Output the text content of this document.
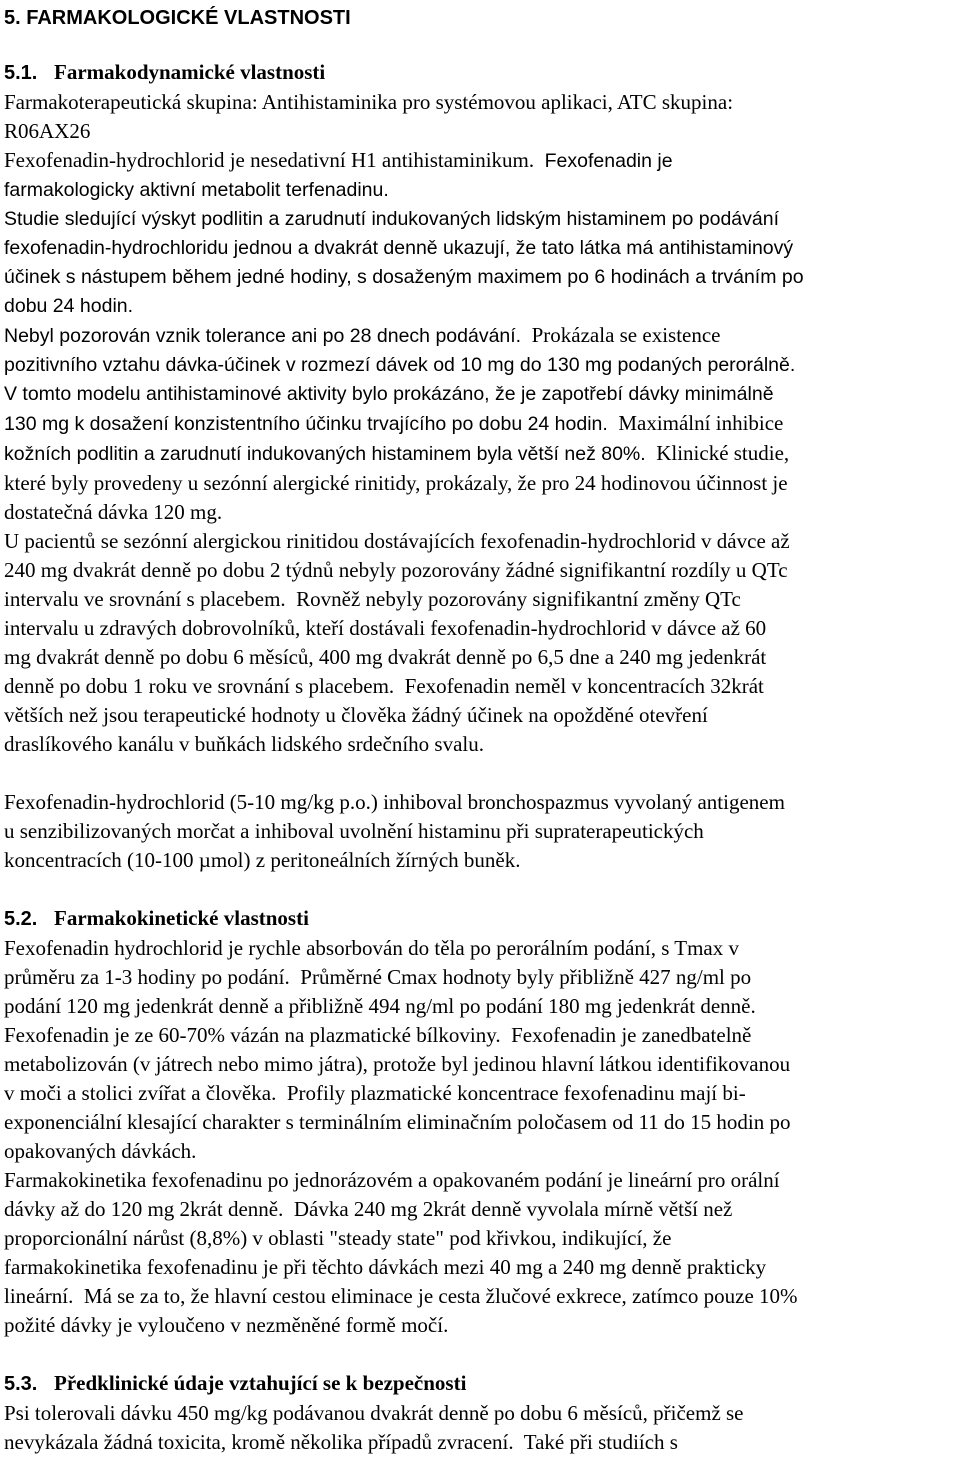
5. FARMAKOLOGICKÉ VLASTNOSTI
5.1. Farmakodynamické vlastnosti

Farmakoterapeutická skupina: Antihistaminika pro systémovou aplikaci, ATC skupina:
R06AX26
Fexofenadin-hydrochlorid je nesedativní H1 antihistaminikum. Fexofenadin je
farmakologicky aktivní metabolit terfenadinu.
Studie sledující výskyt podlitin a zarudnutí indukovaných lidským histaminem po podávání
fexofenadin-hydrochloridu jednou a dvakrát denně ukazují, že tato látka má antihistaminový
účinek s nástupem během jedné hodiny, s dosaženým maximem po 6 hodinách a trváním po
dobu 24 hodin.
Nebyl pozorován vznik tolerance ani po 28 dnech podávání. Prokázala se existence
pozitivního vztahu dávka-účinek v rozmezí dávek od 10 mg do 130 mg podaných perorálně.
V tomto modelu antihistaminové aktivity bylo prokázáno, že je zapotřebí dávky minimálně
130 mg k dosažení konzistentního účinku trvajícího po dobu 24 hodin. Maximální inhibice
kožních podlitin a zarudnutí indukovaných histaminem byla větší než 80%. Klinické studie,
které byly provedeny u sezónní alergické rinitidy, prokázaly, že pro 24 hodinovou účinnost je
dostatečná dávka 120 mg.
U pacientů se sezónní alergickou rinitidou dostávajících fexofenadin-hydrochlorid v dávce až
240 mg dvakrát denně po dobu 2 týdnů nebyly pozorovány žádné signifikantní rozdíly u QTc
intervalu ve srovnání s placebem. Rovněž nebyly pozorovány signifikantní změny QTc
intervalu u zdravých dobrovolníků, kteří dostávali fexofenadin-hydrochlorid v dávce až 60
mg dvakrát denně po dobu 6 měsíců, 400 mg dvakrát denně po 6,5 dne a 240 mg jedenkrát
denně po dobu 1 roku ve srovnání s placebem. Fexofenadin neměl v koncentracích 32krát
větších než jsou terapeutické hodnoty u člověka žádný účinek na opožděné otevření
draslíkového kanálu v buňkách lidského srdečního svalu.

Fexofenadin-hydrochlorid (5-10 mg/kg p.o.) inhiboval bronchospazmus vyvolaný antigenem
u senzibilizovaných morčat a inhiboval uvolnění histaminu při supraterapeutických
koncentracích (10-100 µmol) z peritoneálních žírných buněk.

5.2. Farmakokinetické vlastnosti

Fexofenadin hydrochlorid je rychle absorbován do těla po perorálním podání, s Tmax v
průměru za 1-3 hodiny po podání. Průměrné Cmax hodnoty byly přibližně 427 ng/ml po
podání 120 mg jedenkrát denně a přibližně 494 ng/ml po podání 180 mg jedenkrát denně.
Fexofenadin je ze 60-70% vázán na plazmatické bílkoviny. Fexofenadin je zanedbatelně
metabolizován (v játrech nebo mimo játra), protože byl jedinou hlavní látkou identifikovanou
v moči a stolici zvířat a člověka. Profily plazmatické koncentrace fexofenadinu mají bi-
exponenciální klesající charakter s terminálním eliminačním poločasem od 11 do 15 hodin po
opakovaných dávkách.
Farmakokinetika fexofenadinu po jednorázovém a opakovaném podání je lineární pro orální
dávky až do 120 mg 2krát denně. Dávka 240 mg 2krát denně vyvolala mírně větší než
proporcionální nárůst (8,8%) v oblasti "steady state" pod křivkou, indikující, že
farmakokinetika fexofenadinu je při těchto dávkách mezi 40 mg a 240 mg denně prakticky
lineární. Má se za to, že hlavní cestou eliminace je cesta žlučové exkrece, zatímco pouze 10%
požité dávky je vyloučeno v nezměněné formě močí.

5.3. Předklinické údaje vztahující se k bezpečnosti

Psi tolerovali dávku 450 mg/kg podávanou dvakrát denně po dobu 6 měsíců, přičemž se
nevykázala žádná toxicita, kromě několika případů zvracení. Také při studiích s
